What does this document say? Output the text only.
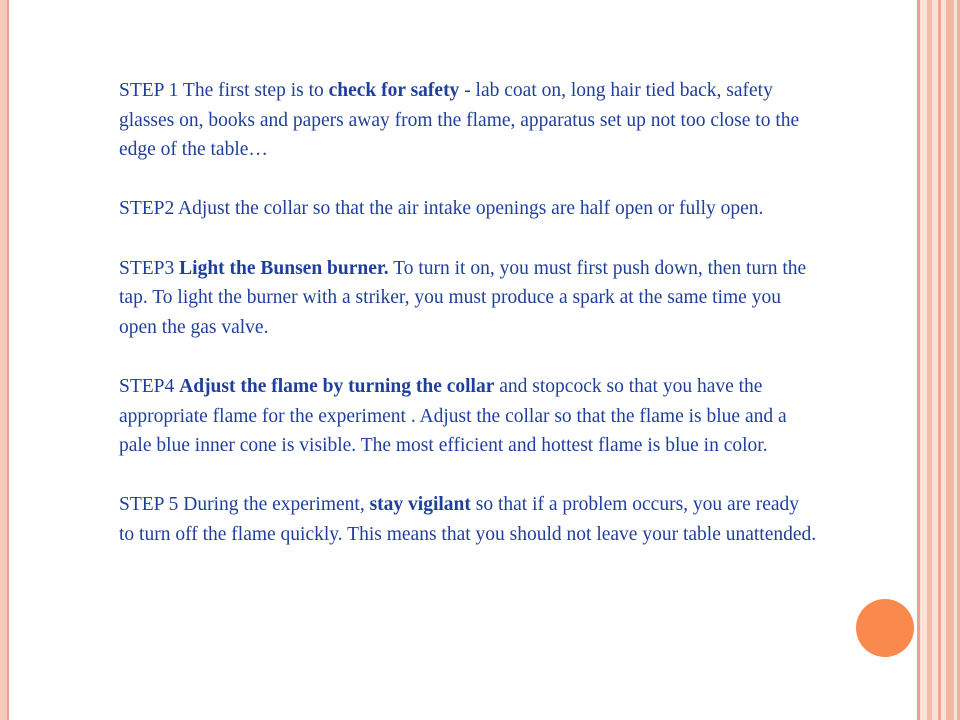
STEP 1 The first step is to check for safety - lab coat on, long hair tied back, safety glasses on, books and papers away from the flame, apparatus set up not too close to the edge of the table…

STEP2 Adjust the collar so that the air intake openings are half open or fully open.

STEP3 Light the Bunsen burner. To turn it on, you must first push down, then turn the tap. To light the burner with a striker, you must produce a spark at the same time you open the gas valve.

STEP4 Adjust the flame by turning the collar and stopcock so that you have the appropriate flame for the experiment . Adjust the collar so that the flame is blue and a pale blue inner cone is visible. The most efficient and hottest flame is blue in color.

STEP 5 During the experiment, stay vigilant so that if a problem occurs, you are ready to turn off the flame quickly. This means that you should not leave your table unattended.
